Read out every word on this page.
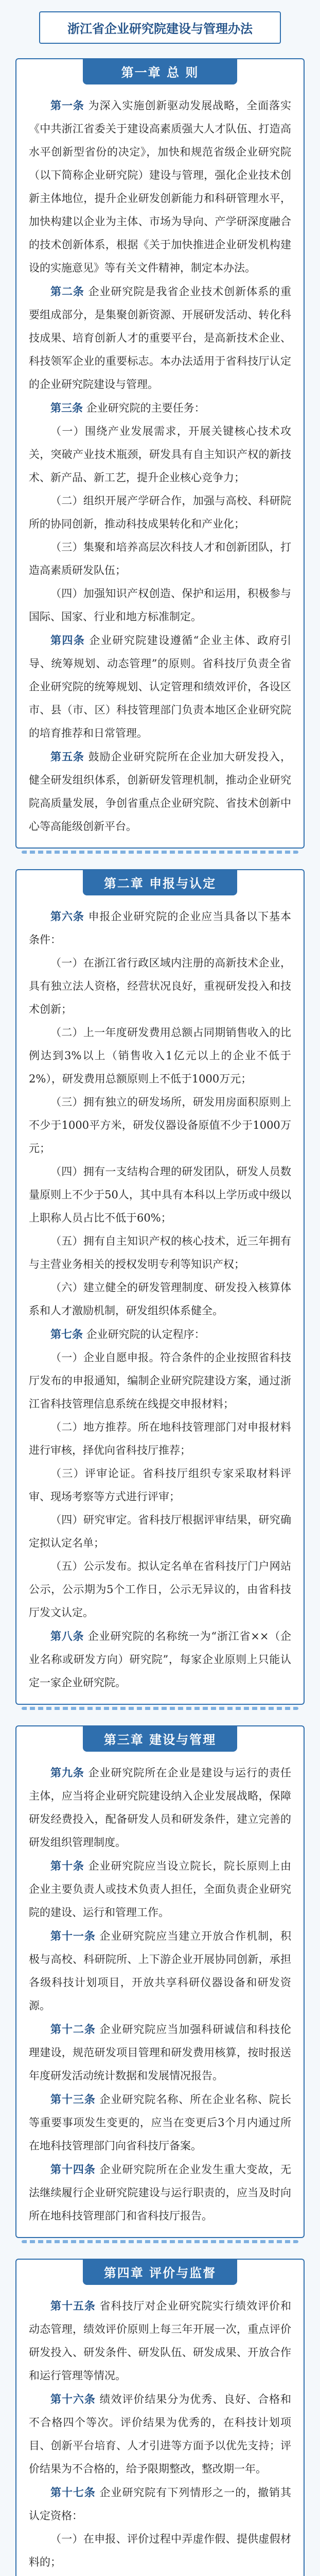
浙江省企业研究院建设与管理办法
第一章 总 则

第一条 为深入实施创新驱动发展战略，全面落实《中共浙江省委关于建设高素质强大人才队伍、打造高水平创新型省份的决定》，加快和规范省级企业研究院（以下简称企业研究院）建设与管理，强化企业技术创新主体地位，提升企业研发创新能力和科研管理水平，加快构建以企业为主体、市场为导向、产学研深度融合的技术创新体系，根据《关于加快推进企业研发机构建设的实施意见》等有关文件精神，制定本办法。

第二条 企业研究院是我省企业技术创新体系的重要组成部分，是集聚创新资源、开展研发活动、转化科技成果、培育创新人才的重要平台，是高新技术企业、科技领军企业的重要标志。本办法适用于省科技厅认定的企业研究院建设与管理。

第三条 企业研究院的主要任务：

（一）围绕产业发展需求，开展关键核心技术攻关，突破产业技术瓶颈，研发具有自主知识产权的新技术、新产品、新工艺，提升企业核心竞争力；

（二）组织开展产学研合作，加强与高校、科研院所的协同创新，推动科技成果转化和产业化；

（三）集聚和培养高层次科技人才和创新团队，打造高素质研发队伍；

（四）加强知识产权创造、保护和运用，积极参与国际、国家、行业和地方标准制定。

第四条 企业研究院建设遵循“企业主体、政府引导、统筹规划、动态管理”的原则。省科技厅负责全省企业研究院的统筹规划、认定管理和绩效评价，各设区市、县（市、区）科技管理部门负责本地区企业研究院的培育推荐和日常管理。

第五条 鼓励企业研究院所在企业加大研发投入，健全研发组织体系，创新研发管理机制，推动企业研究院高质量发展，争创省重点企业研究院、省技术创新中心等高能级创新平台。

第二章 申报与认定

第六条 申报企业研究院的企业应当具备以下基本条件：

（一）在浙江省行政区域内注册的高新技术企业，具有独立法人资格，经营状况良好，重视研发投入和技术创新；

（二）上一年度研发费用总额占同期销售收入的比例达到3%以上（销售收入1亿元以上的企业不低于2%），研发费用总额原则上不低于1000万元；

（三）拥有独立的研发场所，研发用房面积原则上不少于1000平方米，研发仪器设备原值不少于1000万元；

（四）拥有一支结构合理的研发团队，研发人员数量原则上不少于50人，其中具有本科以上学历或中级以上职称人员占比不低于60%；

（五）拥有自主知识产权的核心技术，近三年拥有与主营业务相关的授权发明专利等知识产权；

（六）建立健全的研发管理制度、研发投入核算体系和人才激励机制，研发组织体系健全。

第七条 企业研究院的认定程序：

（一）企业自愿申报。符合条件的企业按照省科技厅发布的申报通知，编制企业研究院建设方案，通过浙江省科技管理信息系统在线提交申报材料；

（二）地方推荐。所在地科技管理部门对申报材料进行审核，择优向省科技厅推荐；

（三）评审论证。省科技厅组织专家采取材料评审、现场考察等方式进行评审；

（四）研究审定。省科技厅根据评审结果，研究确定拟认定名单；

（五）公示发布。拟认定名单在省科技厅门户网站公示，公示期为5个工作日，公示无异议的，由省科技厅发文认定。

第八条 企业研究院的名称统一为“浙江省××（企业名称或研发方向）研究院”，每家企业原则上只能认定一家企业研究院。

第三章 建设与管理

第九条 企业研究院所在企业是建设与运行的责任主体，应当将企业研究院建设纳入企业发展战略，保障研发经费投入，配备研发人员和研发条件，建立完善的研发组织管理制度。

第十条 企业研究院应当设立院长，院长原则上由企业主要负责人或技术负责人担任，全面负责企业研究院的建设、运行和管理工作。

第十一条 企业研究院应当建立开放合作机制，积极与高校、科研院所、上下游企业开展协同创新，承担各级科技计划项目，开放共享科研仪器设备和研发资源。

第十二条 企业研究院应当加强科研诚信和科技伦理建设，规范研发项目管理和研发费用核算，按时报送年度研发活动统计数据和发展情况报告。

第十三条 企业研究院名称、所在企业名称、院长等重要事项发生变更的，应当在变更后3个月内通过所在地科技管理部门向省科技厅备案。

第十四条 企业研究院所在企业发生重大变故，无法继续履行企业研究院建设与运行职责的，应当及时向所在地科技管理部门和省科技厅报告。

第四章 评价与监督

第十五条 省科技厅对企业研究院实行绩效评价和动态管理，绩效评价原则上每三年开展一次，重点评价研发投入、研发条件、研发队伍、研发成果、开放合作和运行管理等情况。

第十六条 绩效评价结果分为优秀、良好、合格和不合格四个等次。评价结果为优秀的，在科技计划项目、创新平台培育、人才引进等方面予以优先支持；评价结果为不合格的，给予限期整改，整改期一年。

第十七条 企业研究院有下列情形之一的，撤销其认定资格：

（一）在申报、评价过程中弄虚作假、提供虚假材料的；
